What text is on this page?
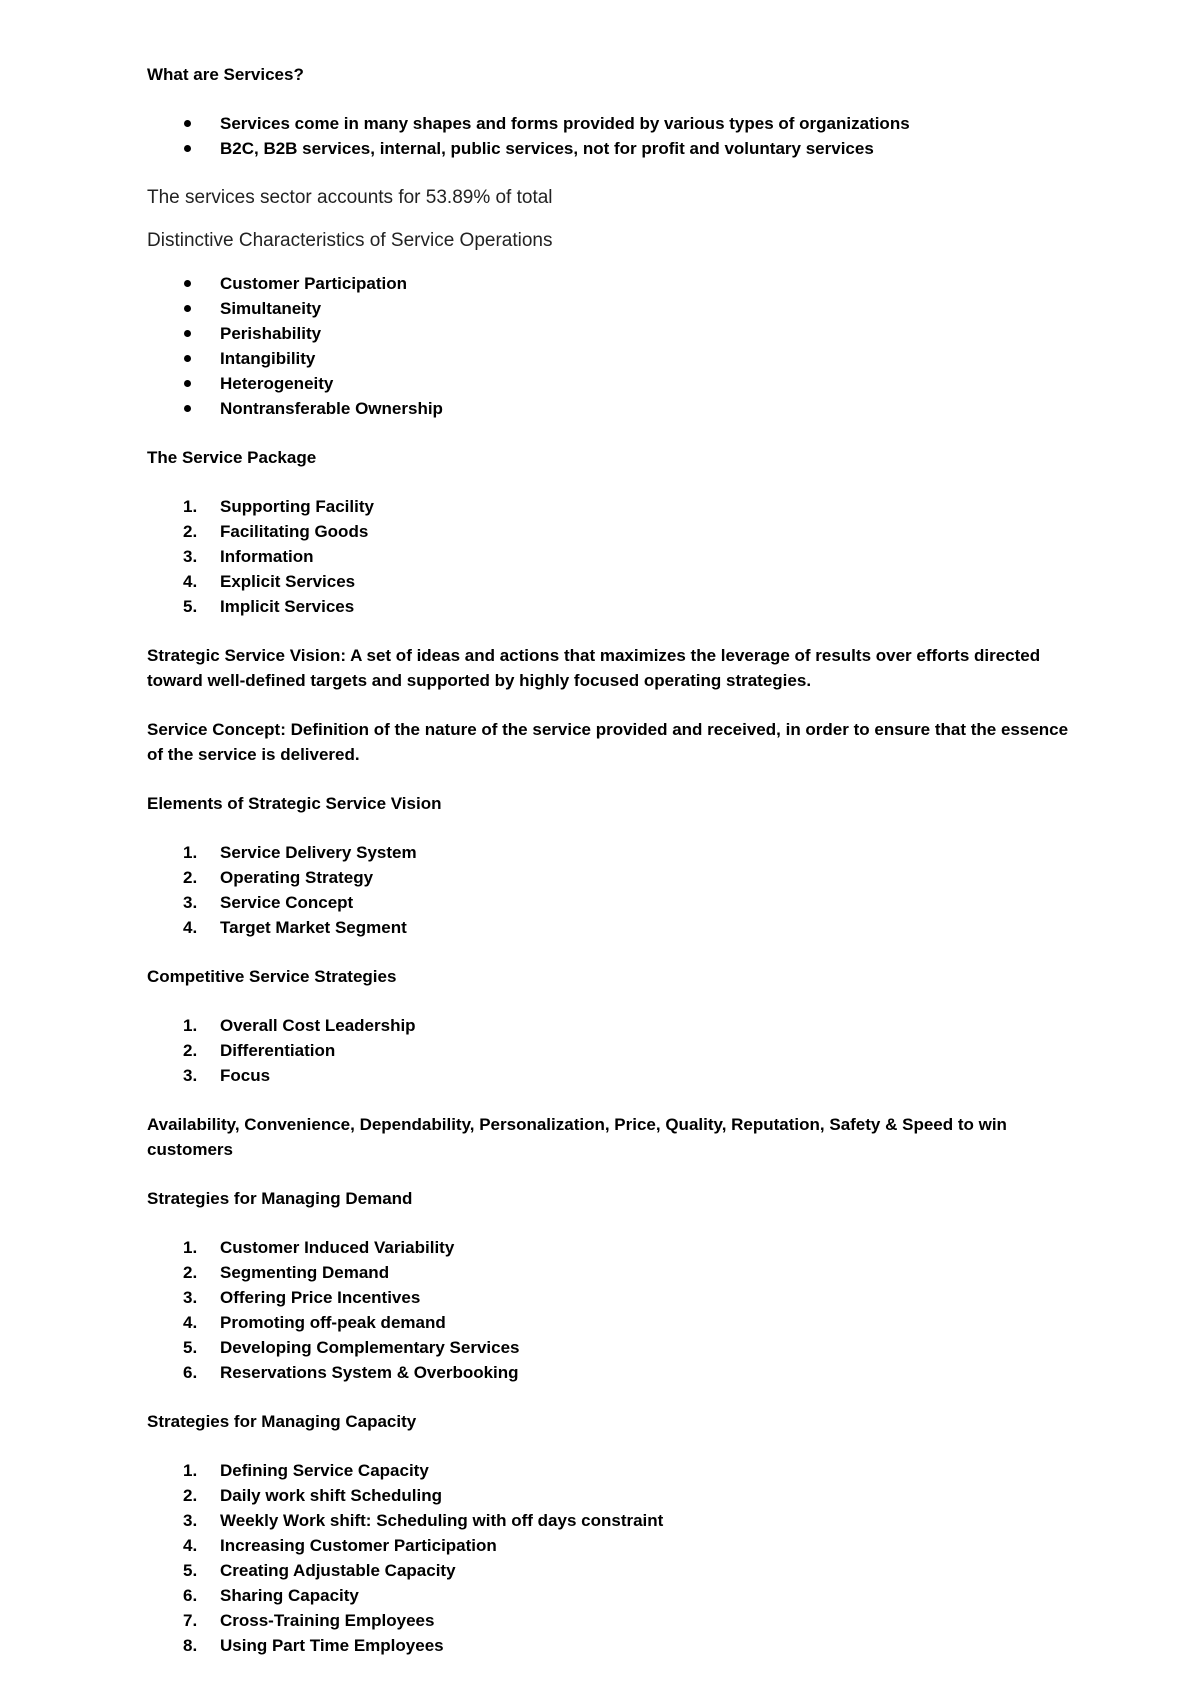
What are Services?

Services come in many shapes and forms provided by various types of organizations
B2C, B2B services, internal, public services, not for profit and voluntary services

The services sector accounts for 53.89% of total

Distinctive Characteristics of Service Operations

Customer Participation
Simultaneity
Perishability
Intangibility
Heterogeneity
Nontransferable Ownership

The Service Package

1. Supporting Facility
2. Facilitating Goods
3. Information
4. Explicit Services
5. Implicit Services

Strategic Service Vision: A set of ideas and actions that maximizes the leverage of results over efforts directed toward well-defined targets and supported by highly focused operating strategies.

Service Concept: Definition of the nature of the service provided and received, in order to ensure that the essence of the service is delivered.

Elements of Strategic Service Vision

1. Service Delivery System
2. Operating Strategy
3. Service Concept
4. Target Market Segment

Competitive Service Strategies

1. Overall Cost Leadership
2. Differentiation
3. Focus

Availability, Convenience, Dependability, Personalization, Price, Quality, Reputation, Safety & Speed to win customers

Strategies for Managing Demand

1. Customer Induced Variability
2. Segmenting Demand
3. Offering Price Incentives
4. Promoting off-peak demand
5. Developing Complementary Services
6. Reservations System & Overbooking

Strategies for Managing Capacity

1. Defining Service Capacity
2. Daily work shift Scheduling
3. Weekly Work shift: Scheduling with off days constraint
4. Increasing Customer Participation
5. Creating Adjustable Capacity
6. Sharing Capacity
7. Cross-Training Employees
8. Using Part Time Employees
